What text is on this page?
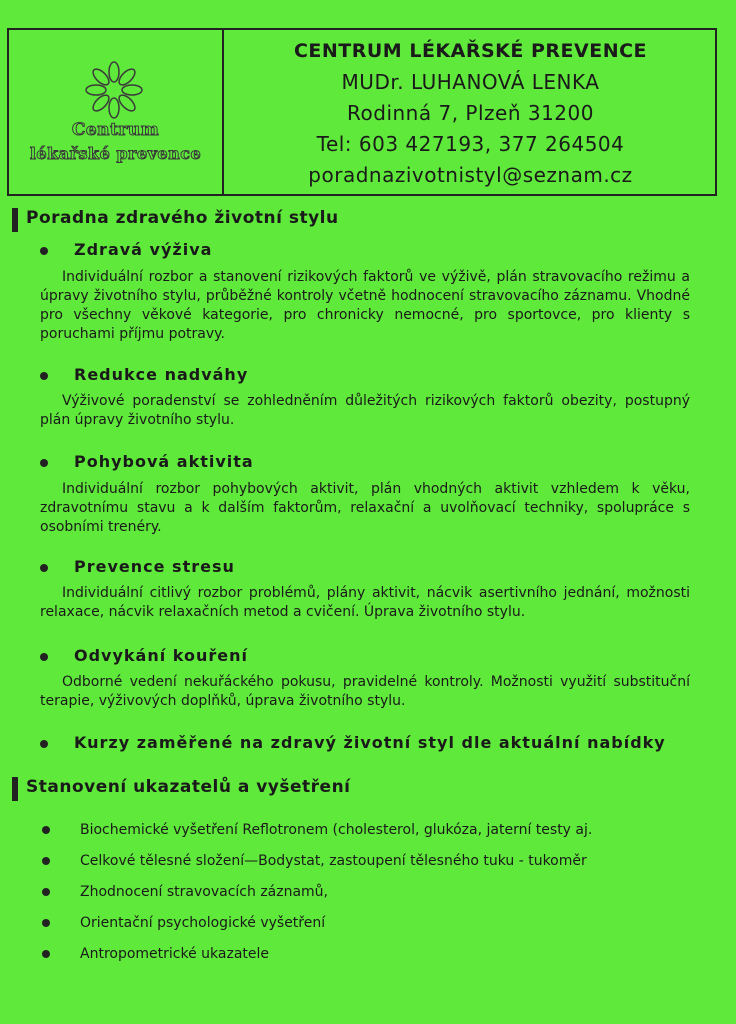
Centrum
lékařské prevence
CENTRUM LÉKAŘSKÉ PREVENCE
MUDr. LUHANOVÁ LENKA
Rodinná 7, Plzeň 31200
Tel: 603 427193, 377 264504
poradnazivotnistyl@seznam.cz
Poradna zdravého životní stylu
Zdravá výživa
Individuální rozbor a stanovení rizikových faktorů ve výživě, plán stravovacího režimu a úpravy životního stylu, průběžné kontroly včetně hodnocení stravovacího záznamu. Vhodné pro všechny věkové kategorie, pro chronicky nemocné, pro sportovce, pro klienty s poruchami příjmu potravy.
Redukce nadváhy
Výživové poradenství se zohledněním důležitých rizikových faktorů obezity, postupný plán úpravy životního stylu.
Pohybová aktivita
Individuální rozbor pohybových aktivit, plán vhodných aktivit vzhledem k věku, zdravotnímu stavu a k dalším faktorům, relaxační a uvolňovací techniky, spolupráce s osobními trenéry.
Prevence stresu
Individuální citlivý rozbor problémů, plány aktivit, nácvik asertivního jednání, možnosti relaxace, nácvik relaxačních metod a cvičení. Úprava životního stylu.
Odvykání kouření
Odborné vedení nekuřáckého pokusu, pravidelné kontroly. Možnosti využití substituční terapie, výživových doplňků, úprava životního stylu.
Kurzy zaměřené na zdravý životní styl dle aktuální nabídky
Stanovení ukazatelů a vyšetření
Biochemické vyšetření Reflotronem (cholesterol, glukóza, jaterní testy aj.
Celkové tělesné složení—Bodystat, zastoupení tělesného tuku - tukoměr
Zhodnocení stravovacích záznamů,
Orientační psychologické vyšetření
Antropometrické ukazatele
